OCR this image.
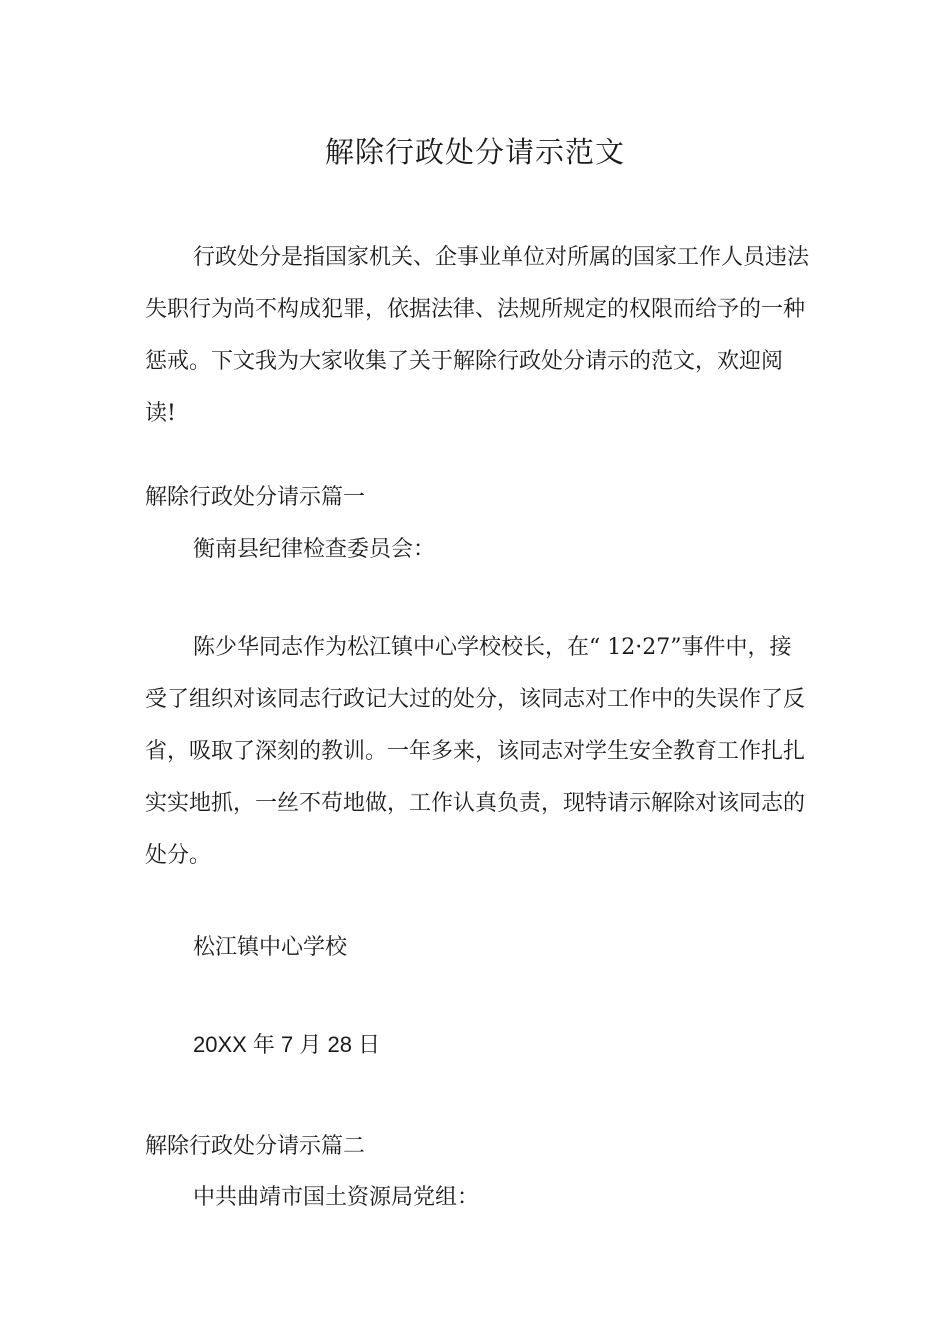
解除行政处分请示范文

行政处分是指国家机关、企事业单位对所属的国家工作人员违法失职行为尚不构成犯罪，依据法律、法规所规定的权限而给予的一种惩戒。下文我为大家收集了关于解除行政处分请示的范文，欢迎阅读!

解除行政处分请示篇一

衡南县纪律检查委员会：

陈少华同志作为松江镇中心学校校长，在“ 12·27”事件中，接受了组织对该同志行政记大过的处分，该同志对工作中的失误作了反省，吸取了深刻的教训。一年多来，该同志对学生安全教育工作扎扎实实地抓，一丝不苟地做，工作认真负责，现特请示解除对该同志的处分。

松江镇中心学校

20XX 年 7 月 28 日

解除行政处分请示篇二

中共曲靖市国土资源局党组：
